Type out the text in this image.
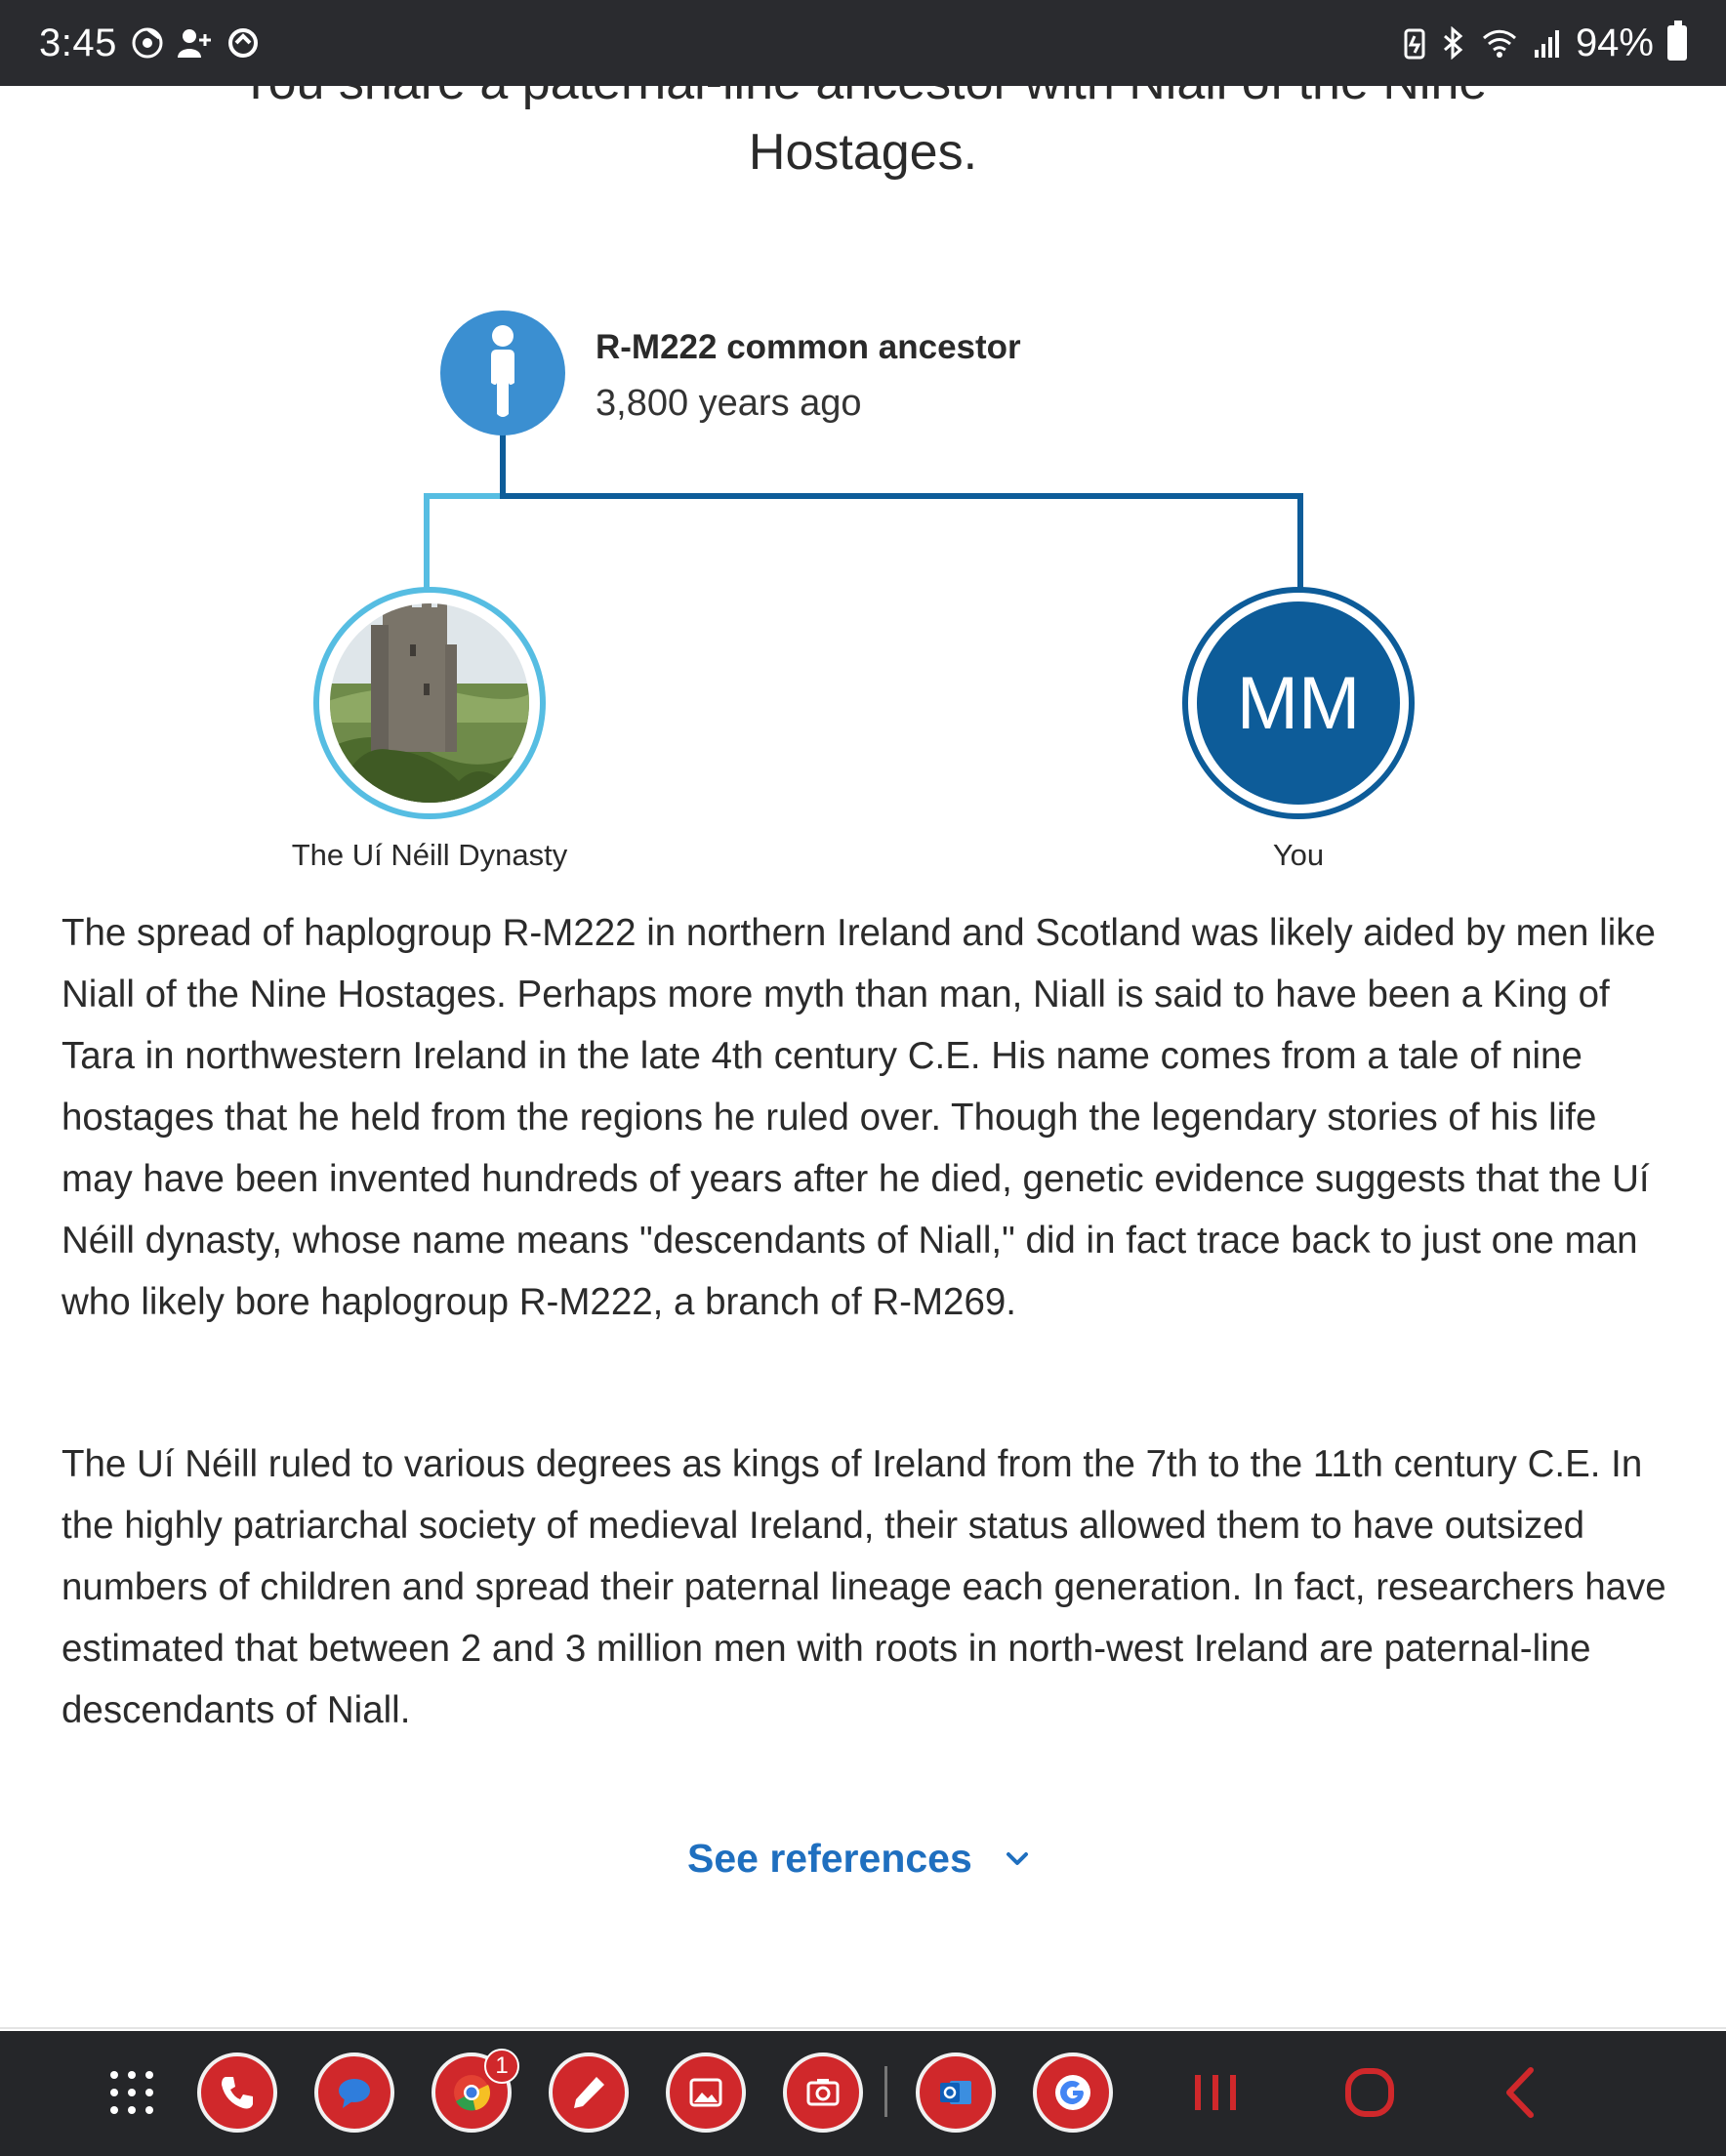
3:45	94%
Hostages.
MM
R-M222 common ancestor
3,800 years ago
The Uí Néill Dynasty	You

The spread of haplogroup R-M222 in northern Ireland and Scotland was likely aided by men like Niall of the Nine Hostages. Perhaps more myth than man, Niall is said to have been a King of Tara in northwestern Ireland in the late 4th century C.E. His name comes from a tale of nine hostages that he held from the regions he ruled over. Though the legendary stories of his life may have been invented hundreds of years after he died, genetic evidence suggests that the Uí Néill dynasty, whose name means "descendants of Niall," did in fact trace back to just one man who likely bore haplogroup R-M222, a branch of R-M269.

The Uí Néill ruled to various degrees as kings of Ireland from the 7th to the 11th century C.E. In the highly patriarchal society of medieval Ireland, their status allowed them to have outsized numbers of children and spread their paternal lineage each generation. In fact, researchers have estimated that between 2 and 3 million men with roots in north-west Ireland are paternal-line descendants of Niall.

See references
1
